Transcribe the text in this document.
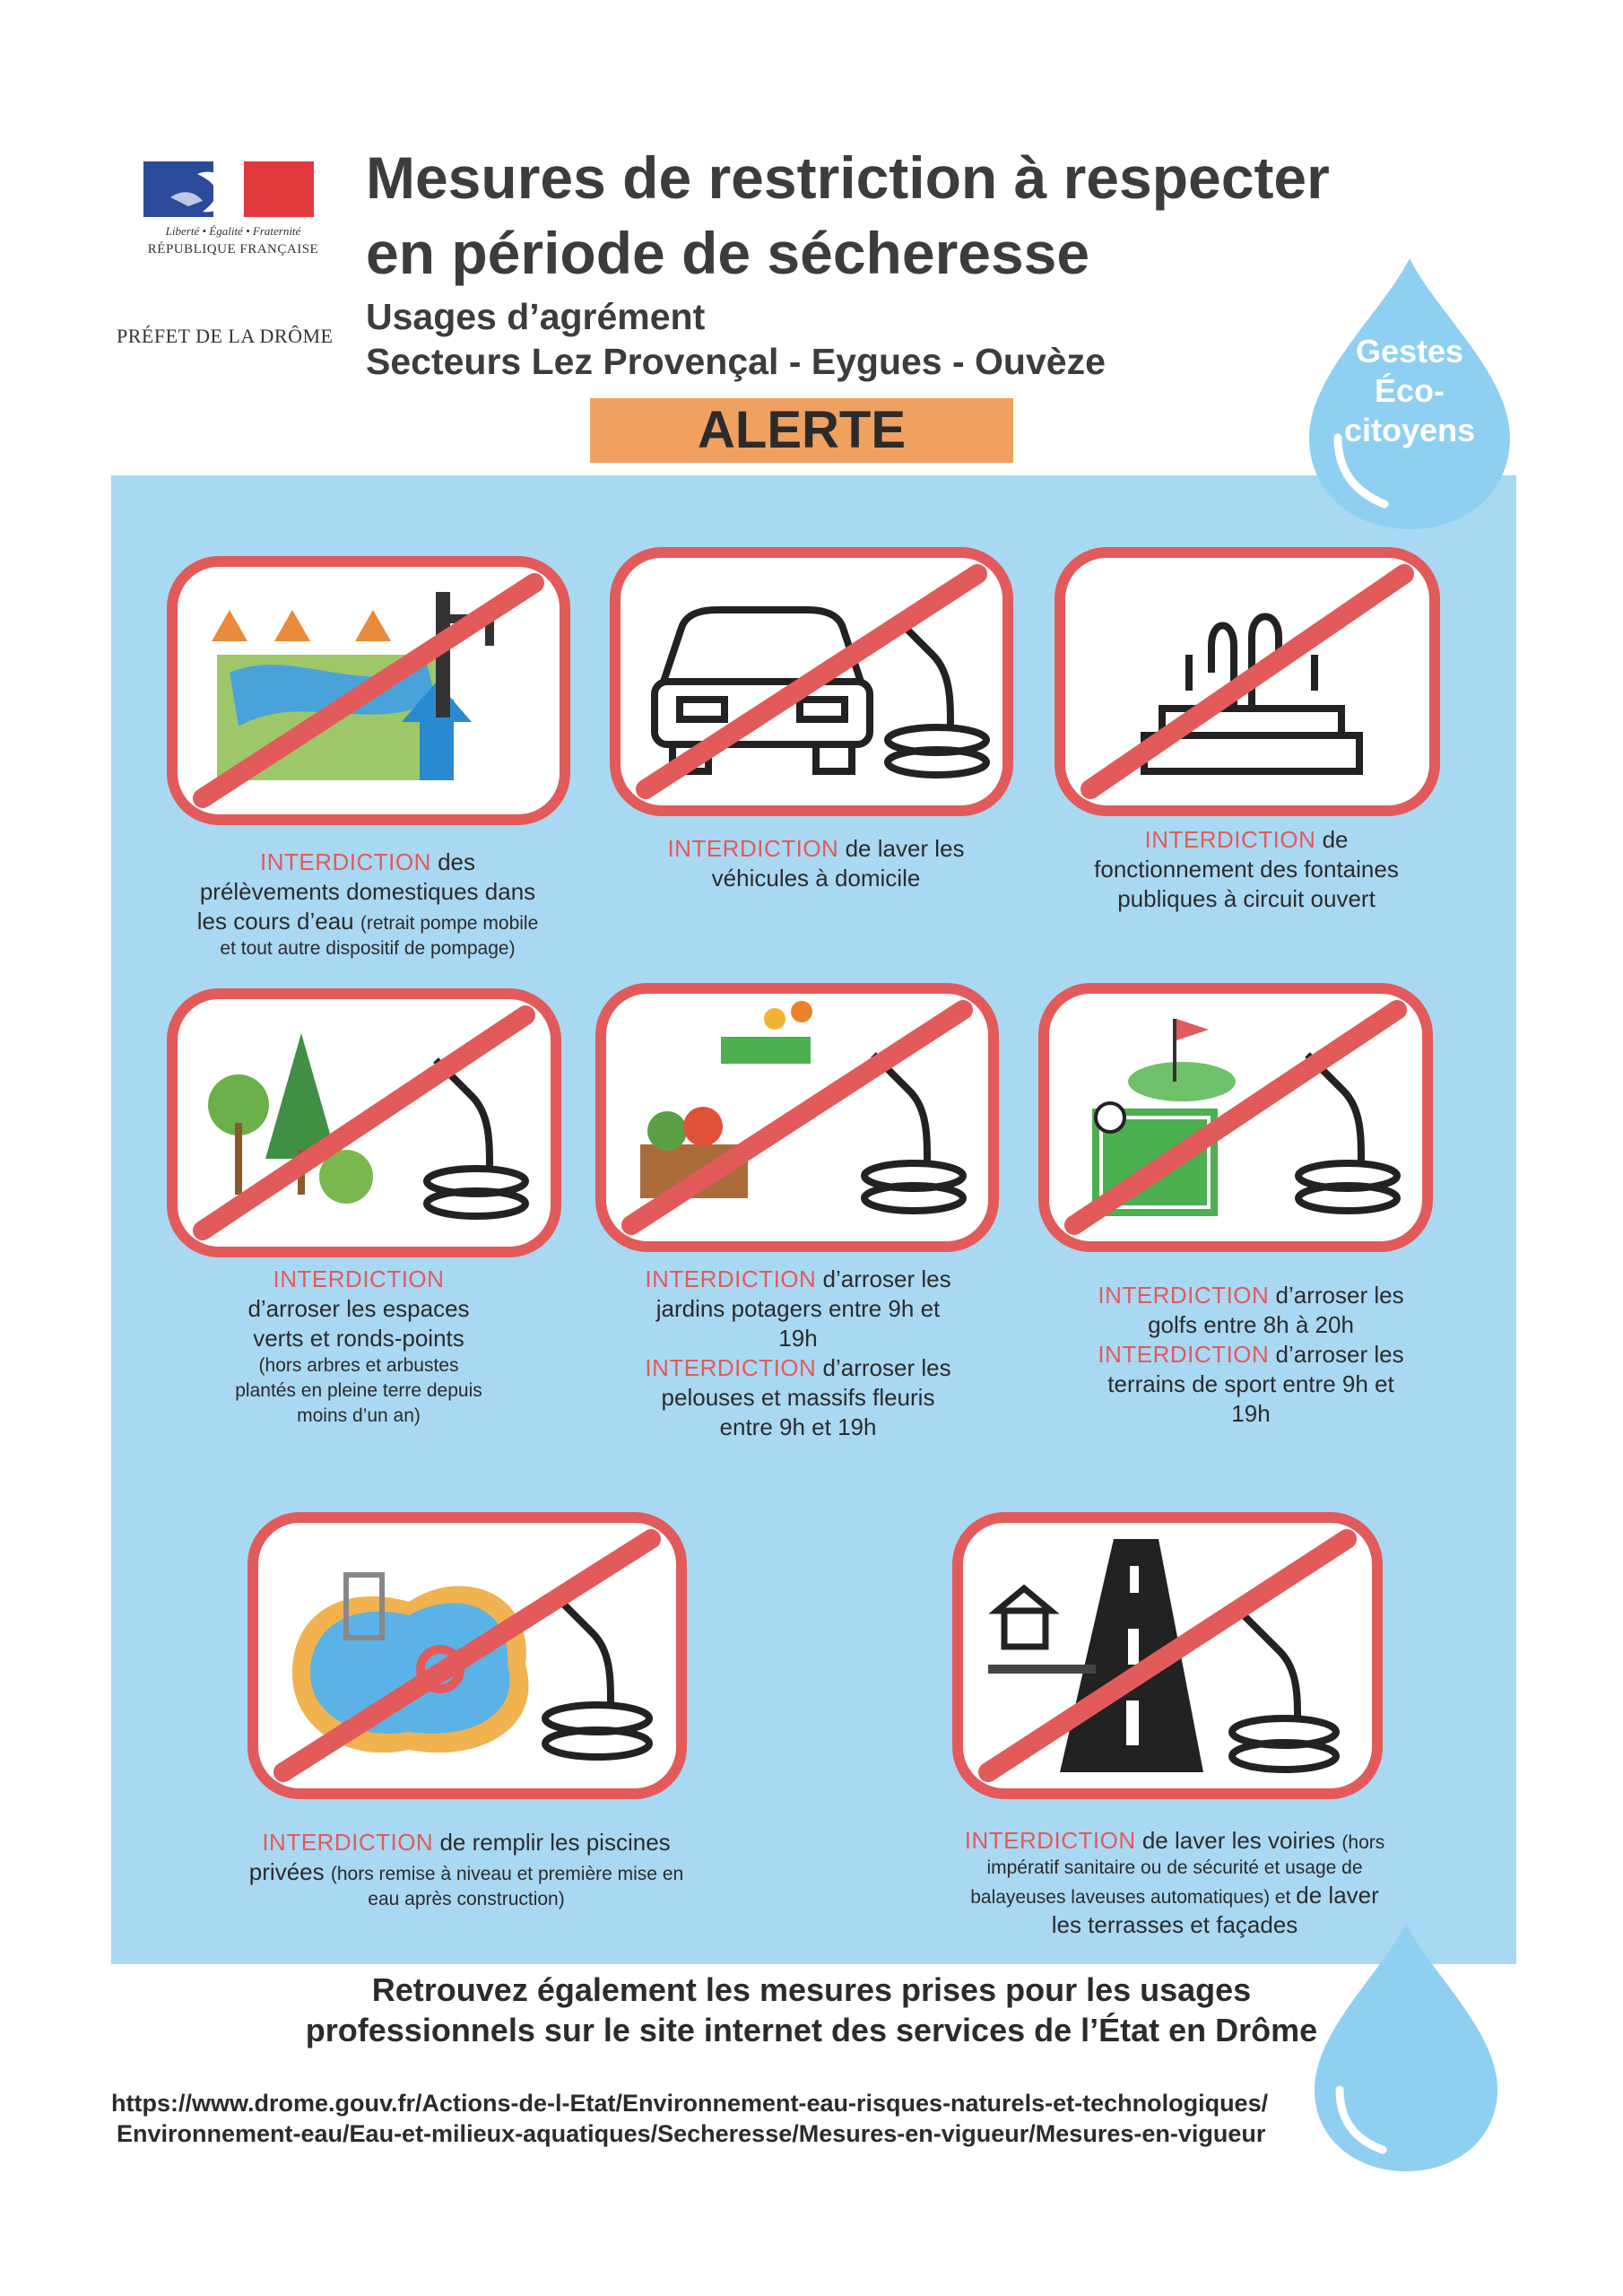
Liberté • Égalité • Fraternité
RÉPUBLIQUE FRANÇAISE
PRÉFET DE LA DRÔME
Mesures de restriction à respecter
en période de sécheresse
Usages d’agrément
Secteurs Lez Provençal - Eygues - Ouvèze
ALERTE
Gestes
Éco-
citoyens
INTERDICTION des
prélèvements domestiques dans
les cours d’eau (retrait pompe mobile
et tout autre dispositif de pompage)
INTERDICTION de laver les
véhicules à domicile
INTERDICTION de
fonctionnement des fontaines
publiques à circuit ouvert
INTERDICTION
d’arroser les espaces
verts et ronds-points
(hors arbres et arbustes
plantés en pleine terre depuis
moins d’un an)
INTERDICTION d’arroser les
jardins potagers entre 9h et
19h
INTERDICTION d’arroser les
pelouses et massifs fleuris
entre 9h et 19h
INTERDICTION d’arroser les
golfs entre 8h à 20h
INTERDICTION d’arroser les
terrains de sport entre 9h et
19h
INTERDICTION de remplir les piscines
privées (hors remise à niveau et première mise en
eau après construction)
INTERDICTION de laver les voiries (hors
impératif sanitaire ou de sécurité et usage de
balayeuses laveuses automatiques) et de laver
les terrasses et façades
Retrouvez également les mesures prises pour les usages
professionnels sur le site internet des services de l’État en Drôme
https://www.drome.gouv.fr/Actions-de-l-Etat/Environnement-eau-risques-naturels-et-technologiques/
Environnement-eau/Eau-et-milieux-aquatiques/Secheresse/Mesures-en-vigueur/Mesures-en-vigueur
